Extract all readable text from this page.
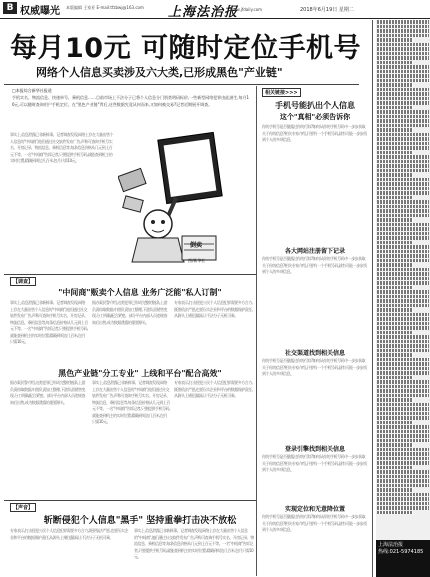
B 权威曝光 本版编辑 王家亚 E-mail:tfzbwj@163.com 上海法治报
www.jfdaily.com	2018年6月19日 星期二
每月10元 可随时定位手机号
网络个人信息买卖涉及六大类,已形成黑色"产业链"
□本报综合新华社报道
手机实名、物流信息、快递单号、乘机信息……目前市场上不法分子已将个人信息分门别类明码标价,一些新型网络犯罪由此滋生,每月10元,可以随时查询用户手机定位。在"黑色产业链"背后,这些数据究竟从何而来,又如何被交易?记者近期展开调查。
事实上,信息泄露已非新鲜事。记者调查发现,网络上存在大量出售个人信息的"中间商",他们通过社交软件发布广告,声称可查询手机号实名、开房记录、物流信息、乘机信息等,每条信息价格从几元到上百元不等。一名"中间商"告诉记者,只要提供手机号码,就能查到机主的实时位置,精确到周边几百米,包月只需10元。
倒卖个人信息 实名手机号
倒卖
图/新华社
【调查】
"中间商"贩卖个人信息 业务广泛能"私人订制"
事实上,信息泄露已非新鲜事。记者调查发现,网络上存在大量出售个人信息的"中间商",他们通过社交软件发布广告,声称可查询手机号实名、开房记录、物流信息、乘机信息等,每条信息价格从几元到上百元不等。一名"中间商"告诉记者,只要提供手机号码,就能查到机主的实时位置,精确到周边几百米,包月只需10元。
据办案民警介绍,这类犯罪已形成完整的链条,上游负责窃取数据,中游负责加工整理,下游负责销售变现,分工明确,配合紧密。部分平台内部人员违规查询后出售,成为数据泄露的重要源头。
专家表示,打击侵犯公民个人信息犯罪需要多方合力,既要依法严惩,也要压实企业和平台的数据保护责任,从源头上堵住漏洞,让不法分子无机可乘。
黑色产业链"分工专业" 上线和平台"配合高效"
据办案民警介绍,这类犯罪已形成完整的链条,上游负责窃取数据,中游负责加工整理,下游负责销售变现,分工明确,配合紧密。部分平台内部人员违规查询后出售,成为数据泄露的重要源头。
事实上,信息泄露已非新鲜事。记者调查发现,网络上存在大量出售个人信息的"中间商",他们通过社交软件发布广告,声称可查询手机号实名、开房记录、物流信息、乘机信息等,每条信息价格从几元到上百元不等。一名"中间商"告诉记者,只要提供手机号码,就能查到机主的实时位置,精确到周边几百米,包月只需10元。
专家表示,打击侵犯公民个人信息犯罪需要多方合力,既要依法严惩,也要压实企业和平台的数据保护责任,从源头上堵住漏洞,让不法分子无机可乘。
【声音】
斩断侵犯个人信息"黑手" 坚持重拳打击决不放松
专家表示,打击侵犯公民个人信息犯罪需要多方合力,既要依法严惩,也要压实企业和平台的数据保护责任,从源头上堵住漏洞,让不法分子无机可乘。
事实上,信息泄露已非新鲜事。记者调查发现,网络上存在大量出售个人信息的"中间商",他们通过社交软件发布广告,声称可查询手机号实名、开房记录、物流信息、乘机信息等,每条信息价格从几元到上百元不等。一名"中间商"告诉记者,只要提供手机号码,就能查到机主的实时位置,精确到周边几百米,包月只需10元。
相关链接>>>
手机号能扒出个人信息
这个"真相"必须告诉你
你的手机号是否暴露过你的行踪?如何从你的手机号码中一步步获取关于你的信息?相关专家介绍,只要有一个手机号码,就有可能一步步找到个人的多项信息。
各大网站注册留下记录
你的手机号是否暴露过你的行踪?如何从你的手机号码中一步步获取关于你的信息?相关专家介绍,只要有一个手机号码,就有可能一步步找到个人的多项信息。
社交渠道找到相关信息
你的手机号是否暴露过你的行踪?如何从你的手机号码中一步步获取关于你的信息?相关专家介绍,只要有一个手机号码,就有可能一步步找到个人的多项信息。
登录引擎找到相关信息
你的手机号是否暴露过你的行踪?如何从你的手机号码中一步步获取关于你的信息?相关专家介绍,只要有一个手机号码,就有可能一步步找到个人的多项信息。
实现定位和无意降位置
你的手机号是否暴露过你的行踪?如何从你的手机号码中一步步获取关于你的信息?相关专家介绍,只要有一个手机号码,就有可能一步步找到个人的多项信息。
上海法治报
热线:021-5974185
